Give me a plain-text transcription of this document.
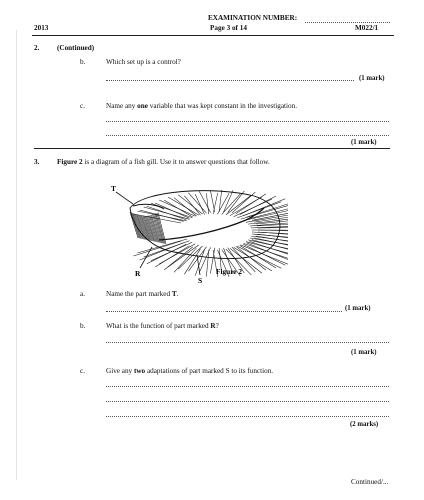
2013
EXAMINATION NUMBER:
Page 3 of 14	M022/1
2. (Continued)
b.	Which set up is a control?
(1 mark)
c.	Name any one variable that was kept constant in the investigation.
(1 mark)
3. Figure 2 is a diagram of a fish gill. Use it to answer questions that follow.
T
R
S
Figure 2
a.	Name the part marked T.
(1 mark)
b.	What is the function of part marked R?
(1 mark)
c.	Give any two adaptations of part marked S to its function.
(2 marks)
Continued/...
